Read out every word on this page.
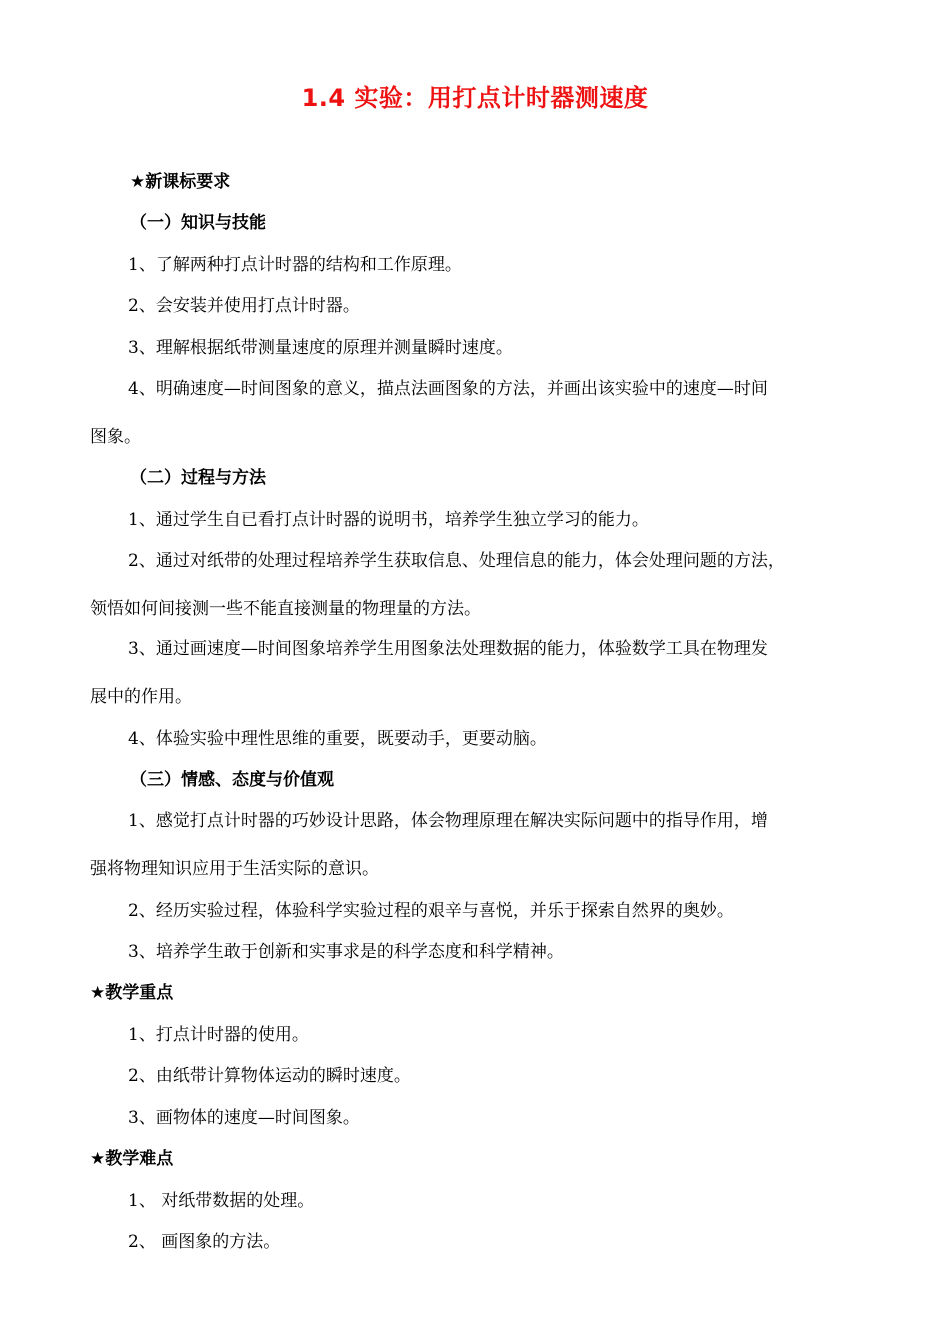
1.4 实验：用打点计时器测速度
★新课标要求
（一）知识与技能
1、了解两种打点计时器的结构和工作原理。
2、会安装并使用打点计时器。
3、理解根据纸带测量速度的原理并测量瞬时速度。
4、明确速度—时间图象的意义，描点法画图象的方法，并画出该实验中的速度—时间
图象。
（二）过程与方法
1、通过学生自已看打点计时器的说明书，培养学生独立学习的能力。
2、通过对纸带的处理过程培养学生获取信息、处理信息的能力，体会处理问题的方法，
领悟如何间接测一些不能直接测量的物理量的方法。
3、通过画速度—时间图象培养学生用图象法处理数据的能力，体验数学工具在物理发
展中的作用。
4、体验实验中理性思维的重要，既要动手，更要动脑。
（三）情感、态度与价值观
1、感觉打点计时器的巧妙设计思路，体会物理原理在解决实际问题中的指导作用，增
强将物理知识应用于生活实际的意识。
2、经历实验过程，体验科学实验过程的艰辛与喜悦，并乐于探索自然界的奥妙。
3、培养学生敢于创新和实事求是的科学态度和科学精神。
★教学重点
1、打点计时器的使用。
2、由纸带计算物体运动的瞬时速度。
3、画物体的速度—时间图象。
★教学难点
1、 对纸带数据的处理。
2、 画图象的方法。
